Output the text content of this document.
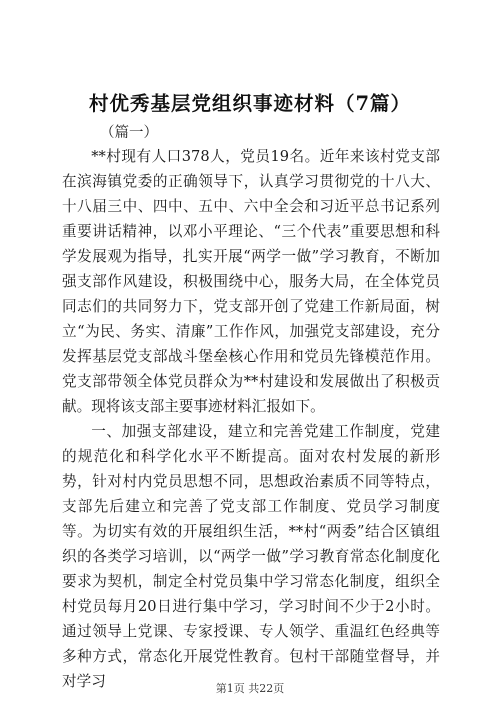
村优秀基层党组织事迹材料（7篇）
（篇一）

**村现有人口378人，党员19名。近年来该村党支部在滨海镇党委的正确领导下，认真学习贯彻党的十八大、十八届三中、四中、五中、六中全会和习近平总书记系列重要讲话精神，以邓小平理论、“三个代表”重要思想和科学发展观为指导，扎实开展“两学一做”学习教育，不断加强支部作风建设，积极围绕中心，服务大局，在全体党员同志们的共同努力下，党支部开创了党建工作新局面，树立“为民、务实、清廉”工作作风，加强党支部建设，充分发挥基层党支部战斗堡垒核心作用和党员先锋模范作用。党支部带领全体党员群众为**村建设和发展做出了积极贡献。现将该支部主要事迹材料汇报如下。

一、加强支部建设，建立和完善党建工作制度，党建的规范化和科学化水平不断提高。面对农村发展的新形势，针对村内党员思想不同，思想政治素质不同等特点，支部先后建立和完善了党支部工作制度、党员学习制度等。为切实有效的开展组织生活，**村“两委”结合区镇组织的各类学习培训，以“两学一做”学习教育常态化制度化要求为契机，制定全村党员集中学习常态化制度，组织全村党员每月20日进行集中学习，学习时间不少于2小时。通过领导上党课、专家授课、专人领学、重温红色经典等多种方式，常态化开展党性教育。包村干部随堂督导，并对学习	第1页 共22页
